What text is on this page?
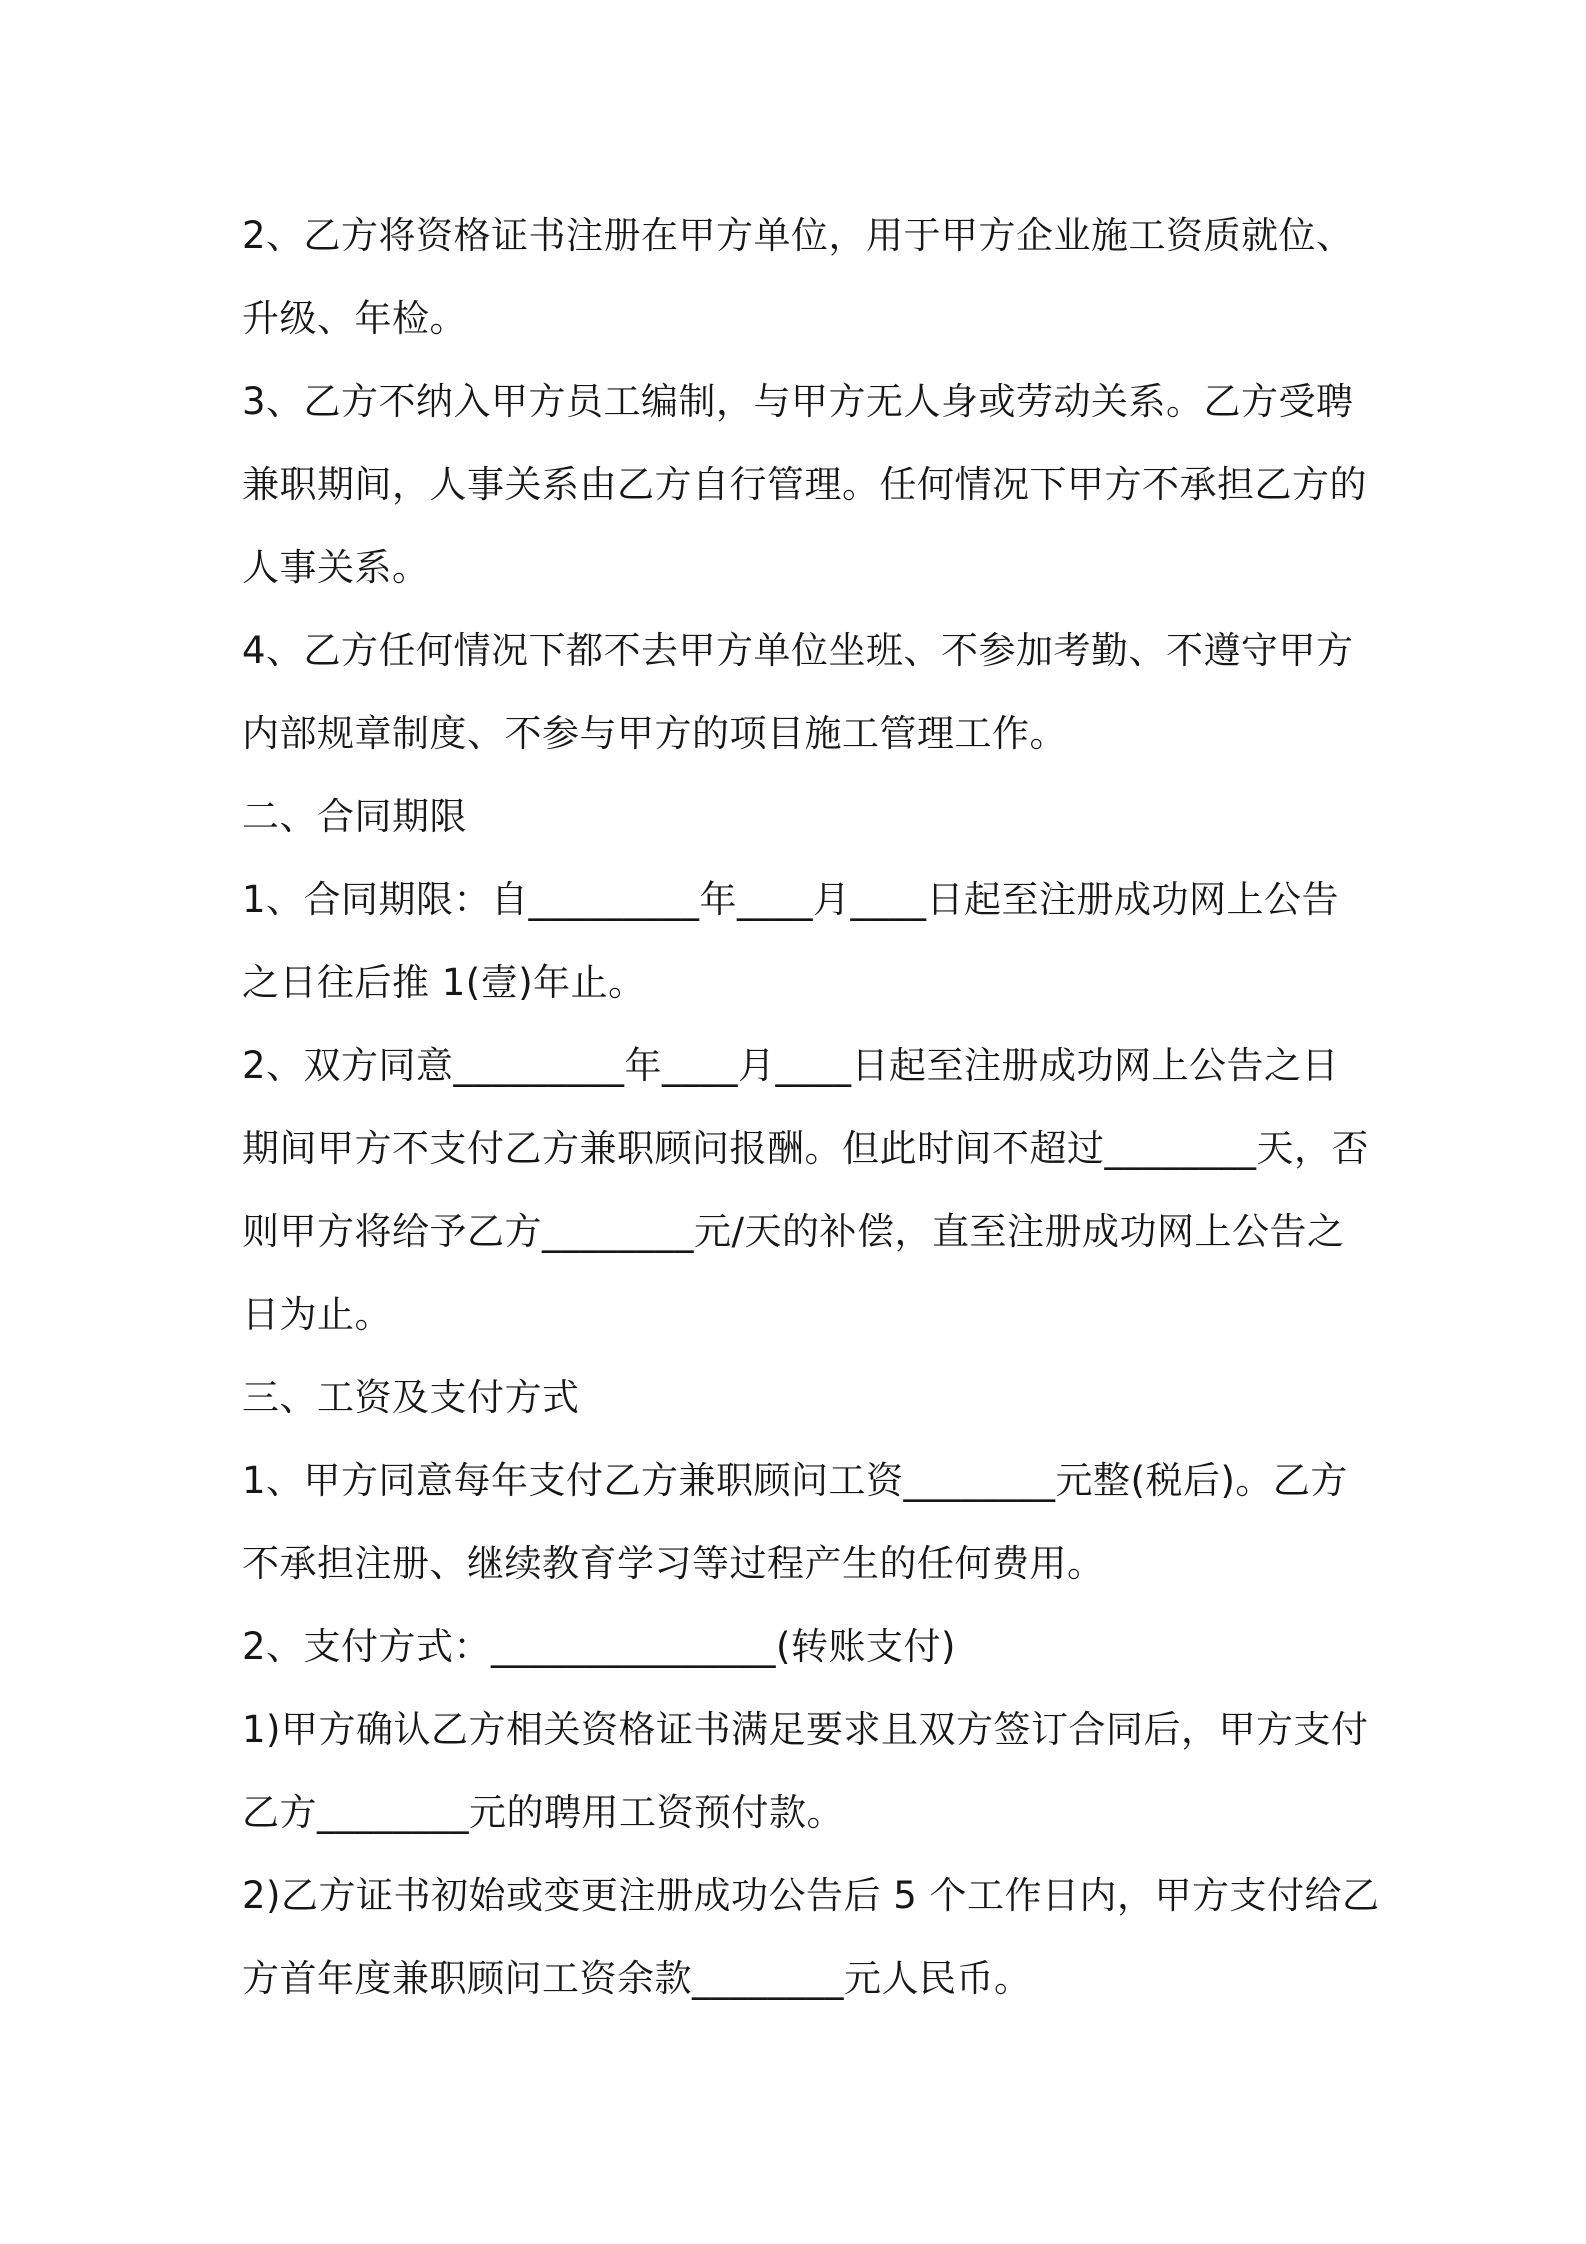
2、乙方将资格证书注册在甲方单位，用于甲方企业施工资质就位、
升级、年检。
3、乙方不纳入甲方员工编制，与甲方无人身或劳动关系。乙方受聘
兼职期间，人事关系由乙方自行管理。任何情况下甲方不承担乙方的
人事关系。
4、乙方任何情况下都不去甲方单位坐班、不参加考勤、不遵守甲方
内部规章制度、不参与甲方的项目施工管理工作。
二、合同期限
1、合同期限：自_________年____月____日起至注册成功网上公告
之日往后推 1(壹)年止。
2、双方同意_________年____月____日起至注册成功网上公告之日
期间甲方不支付乙方兼职顾问报酬。但此时间不超过________天，否
则甲方将给予乙方________元/天的补偿，直至注册成功网上公告之
日为止。
三、工资及支付方式
1、甲方同意每年支付乙方兼职顾问工资________元整(税后)。乙方
不承担注册、继续教育学习等过程产生的任何费用。
2、支付方式：_______________(转账支付)
1)甲方确认乙方相关资格证书满足要求且双方签订合同后，甲方支付
乙方________元的聘用工资预付款。
2)乙方证书初始或变更注册成功公告后 5 个工作日内，甲方支付给乙
方首年度兼职顾问工资余款________元人民币。
